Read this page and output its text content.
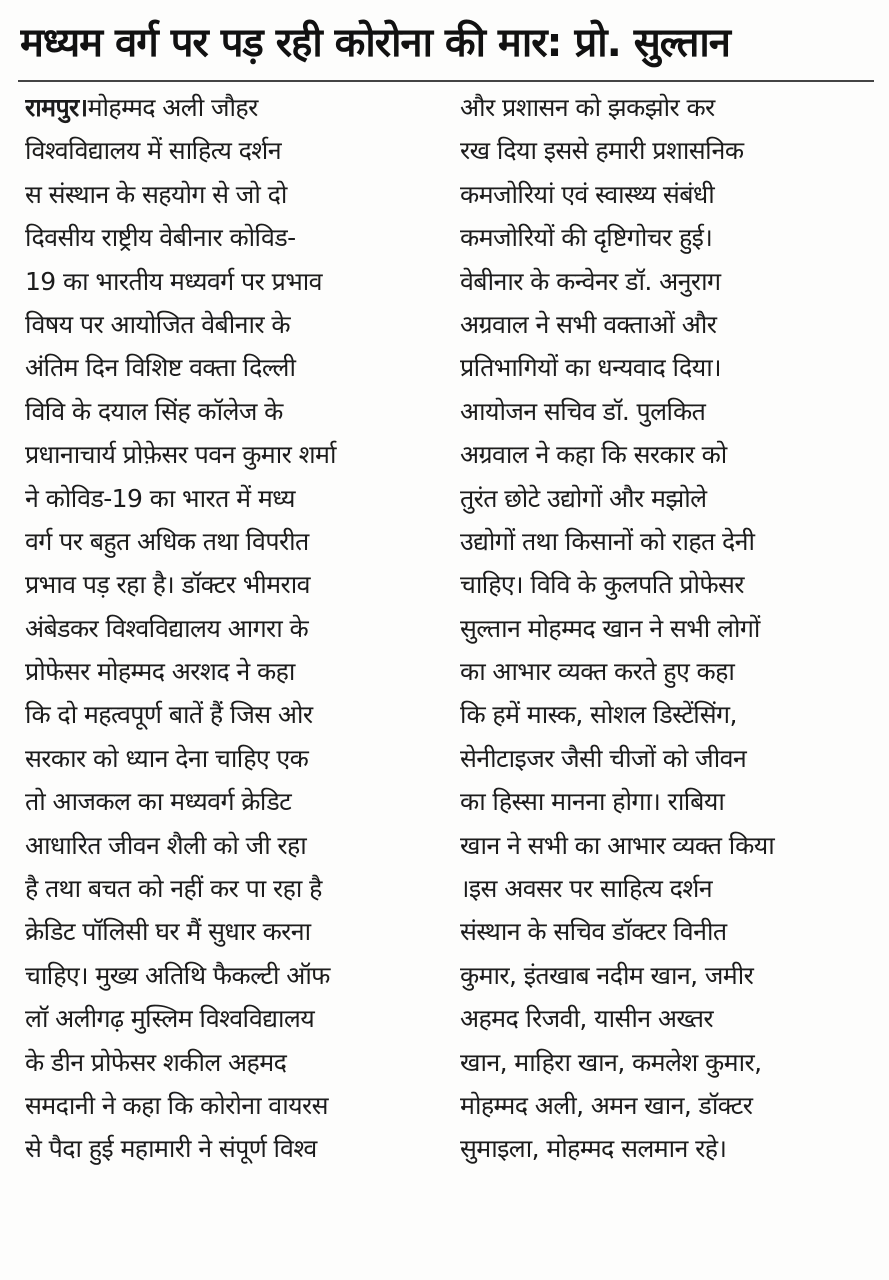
मध्यम वर्ग पर पड़ रही कोरोना की मार: प्रो. सुल्तान
रामपुर।मोहम्मद अली जौहर
विश्वविद्यालय में साहित्य दर्शन
स संस्थान के सहयोग से जो दो
दिवसीय राष्ट्रीय वेबीनार कोविड-
19 का भारतीय मध्यवर्ग पर प्रभाव
विषय पर आयोजित वेबीनार के
अंतिम दिन विशिष्ट वक्ता दिल्ली
विवि के दयाल सिंह कॉलेज के
प्रधानाचार्य प्रोफ़ेसर पवन कुमार शर्मा
ने कोविड-19 का भारत में मध्य
वर्ग पर बहुत अधिक तथा विपरीत
प्रभाव पड़ रहा है। डॉक्टर भीमराव
अंबेडकर विश्वविद्यालय आगरा के
प्रोफेसर मोहम्मद अरशद ने कहा
कि दो महत्वपूर्ण बातें हैं जिस ओर
सरकार को ध्यान देना चाहिए एक
तो आजकल का मध्यवर्ग क्रेडिट
आधारित जीवन शैली को जी रहा
है तथा बचत को नहीं कर पा रहा है
क्रेडिट पॉलिसी घर मैं सुधार करना
चाहिए। मुख्य अतिथि फैकल्टी ऑफ
लॉ अलीगढ़ मुस्लिम विश्वविद्यालय
के डीन प्रोफेसर शकील अहमद
समदानी ने कहा कि कोरोना वायरस
से पैदा हुई महामारी ने संपूर्ण विश्व
और प्रशासन को झकझोर कर
रख दिया इससे हमारी प्रशासनिक
कमजोरियां एवं स्वास्थ्य संबंधी
कमजोरियों की दृष्टिगोचर हुई।
वेबीनार के कन्वेनर डॉ. अनुराग
अग्रवाल ने सभी वक्ताओं और
प्रतिभागियों का धन्यवाद दिया।
आयोजन सचिव डॉ. पुलकित
अग्रवाल ने कहा कि सरकार को
तुरंत छोटे उद्योगों और मझोले
उद्योगों तथा किसानों को राहत देनी
चाहिए। विवि के कुलपति प्रोफेसर
सुल्तान मोहम्मद खान ने सभी लोगों
का आभार व्यक्त करते हुए कहा
कि हमें मास्क, सोशल डिस्टेंसिंग,
सेनीटाइजर जैसी चीजों को जीवन
का हिस्सा मानना होगा। राबिया
खान ने सभी का आभार व्यक्त किया
।इस अवसर पर साहित्य दर्शन
संस्थान के सचिव डॉक्टर विनीत
कुमार, इंतखाब नदीम खान, जमीर
अहमद रिजवी, यासीन अख्तर
खान, माहिरा खान, कमलेश कुमार,
मोहम्मद अली, अमन खान, डॉक्टर
सुमाइला, मोहम्मद सलमान रहे।
